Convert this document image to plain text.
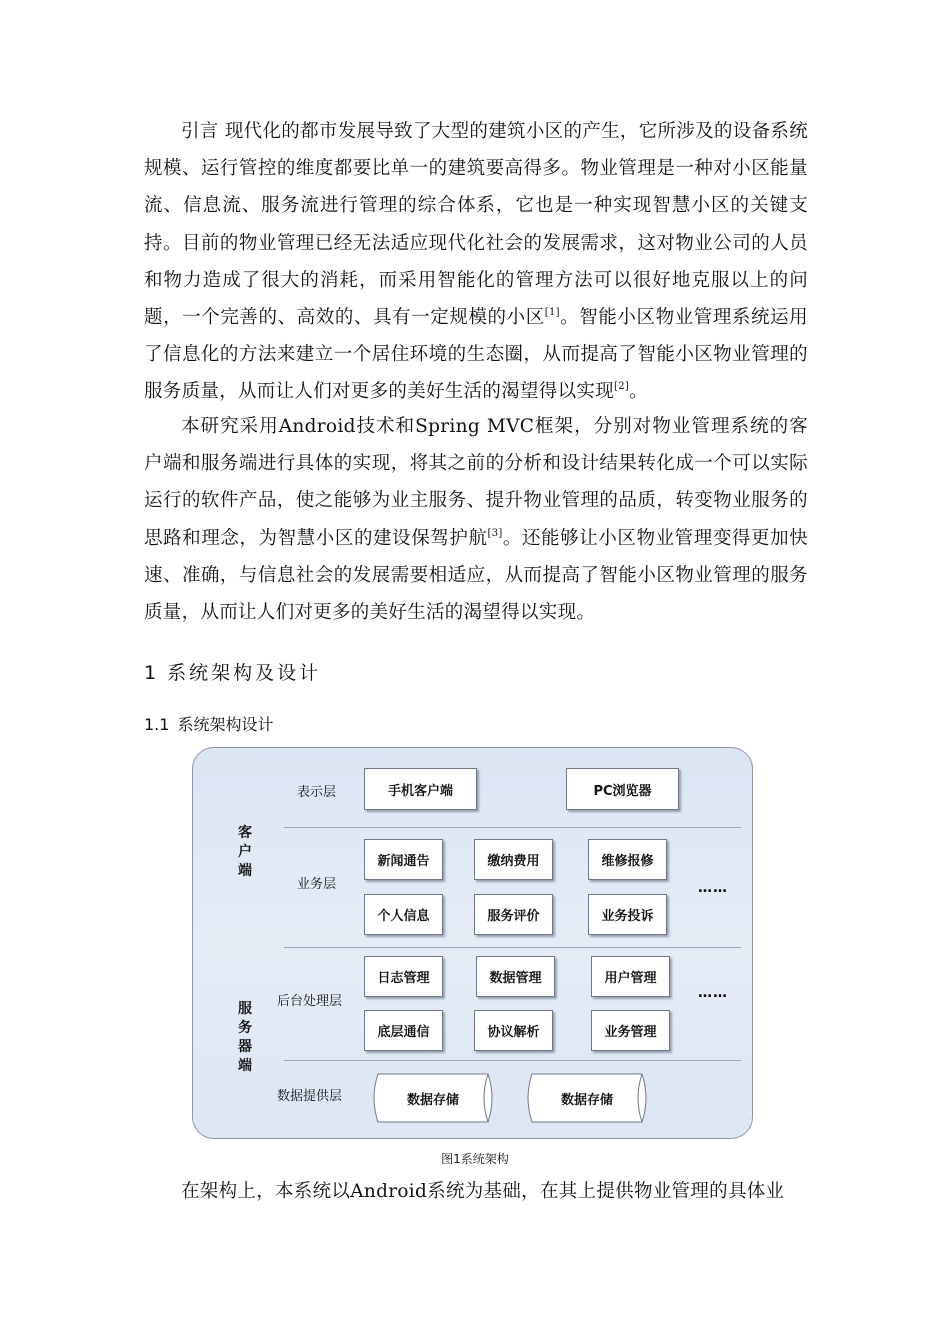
引言 现代化的都市发展导致了大型的建筑小区的产生，它所涉及的设备系统规模、运行管控的维度都要比单一的建筑要高得多。物业管理是一种对小区能量流、信息流、服务流进行管理的综合体系，它也是一种实现智慧小区的关键支持。目前的物业管理已经无法适应现代化社会的发展需求，这对物业公司的人员和物力造成了很大的消耗，而采用智能化的管理方法可以很好地克服以上的问题，一个完善的、高效的、具有一定规模的小区[1]。智能小区物业管理系统运用了信息化的方法来建立一个居住环境的生态圈，从而提高了智能小区物业管理的服务质量，从而让人们对更多的美好生活的渴望得以实现[2]。

本研究采用Android技术和Spring MVC框架，分别对物业管理系统的客户端和服务端进行具体的实现，将其之前的分析和设计结果转化成一个可以实际运行的软件产品，使之能够为业主服务、提升物业管理的品质，转变物业服务的思路和理念，为智慧小区的建设保驾护航[3]。还能够让小区物业管理变得更加快速、准确，与信息社会的发展需要相适应，从而提高了智能小区物业管理的服务质量，从而让人们对更多的美好生活的渴望得以实现。

1 系统架构及设计
1.1 系统架构设计
客
户
端
服
务
器
端
表示层	手机客户端	PC浏览器
业务层
新闻通告	缴纳费用	维修报修
个人信息	服务评价	业务投诉
……
后台处理层
日志管理	数据管理	用户管理
底层通信	协议解析	业务管理
……
数据提供层	数据存储	数据存储
图1系统架构

在架构上，本系统以Android系统为基础，在其上提供物业管理的具体业
